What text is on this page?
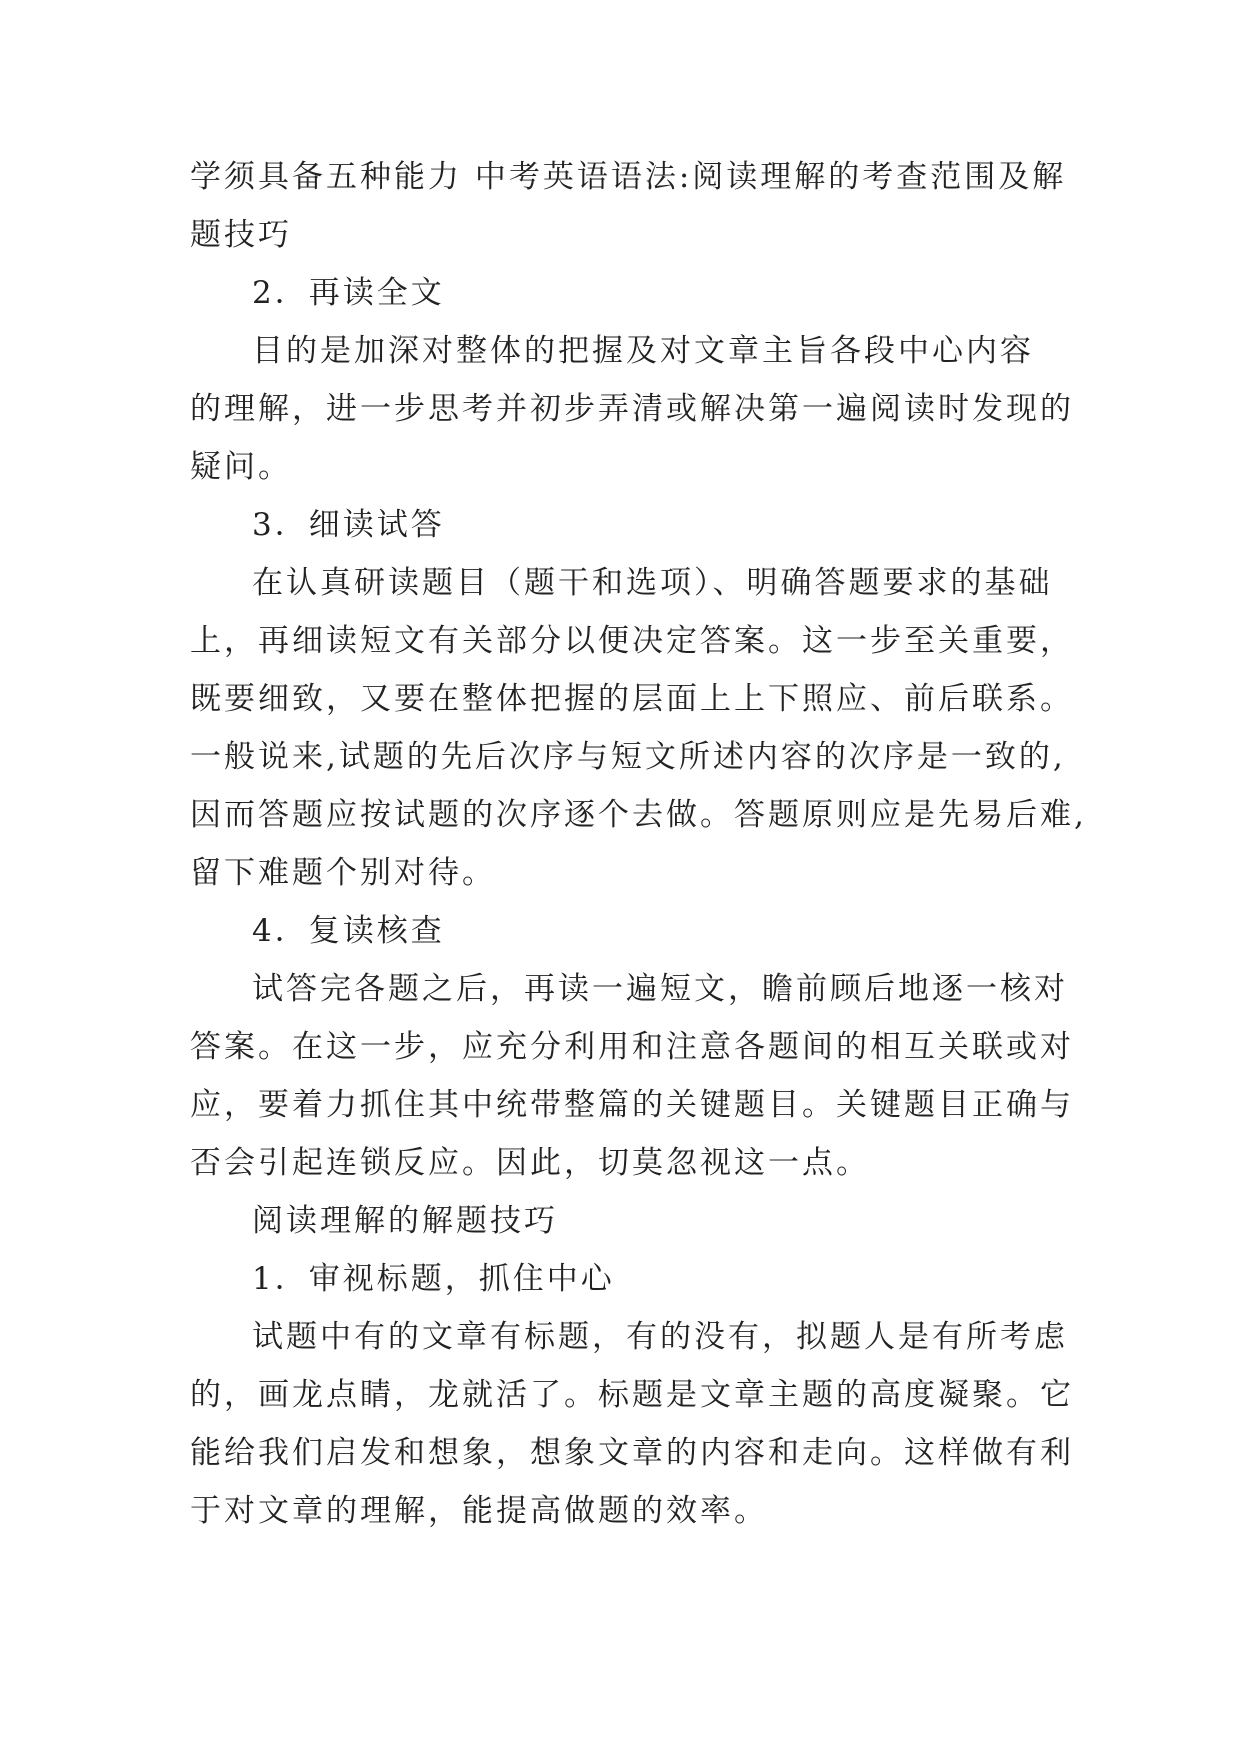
学须具备五种能力 中考英语语法:阅读理解的考查范围及解
题技巧
2．再读全文
目的是加深对整体的把握及对文章主旨各段中心内容
的理解，进一步思考并初步弄清或解决第一遍阅读时发现的
疑问。
3．细读试答
在认真研读题目（题干和选项）、明确答题要求的基础
上，再细读短文有关部分以便决定答案。这一步至关重要，
既要细致，又要在整体把握的层面上上下照应、前后联系。
一般说来,试题的先后次序与短文所述内容的次序是一致的,
因而答题应按试题的次序逐个去做。答题原则应是先易后难,
留下难题个别对待。
4．复读核查
试答完各题之后，再读一遍短文，瞻前顾后地逐一核对
答案。在这一步，应充分利用和注意各题间的相互关联或对
应，要着力抓住其中统带整篇的关键题目。关键题目正确与
否会引起连锁反应。因此，切莫忽视这一点。
阅读理解的解题技巧
1．审视标题，抓住中心
试题中有的文章有标题，有的没有，拟题人是有所考虑
的，画龙点睛，龙就活了。标题是文章主题的高度凝聚。它
能给我们启发和想象，想象文章的内容和走向。这样做有利
于对文章的理解，能提高做题的效率。
